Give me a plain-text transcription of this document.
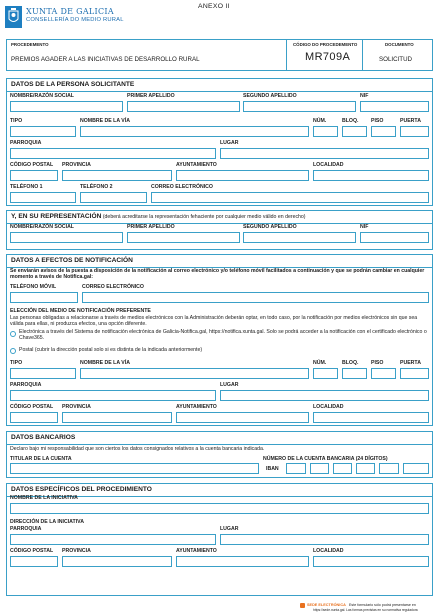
XUNTA DE GALICIA
CONSELLERÍA DO MEDIO RURAL
ANEXO II
PROCEDEMENTO
PREMIOS AGADER A LAS INICIATIVAS DE DESARROLLO RURAL
CÓDIGO DO PROCEDEMENTO
MR709A
DOCUMENTO
SOLICITUD
DATOS DE LA PERSONA SOLICITANTE
NOMBRE/RAZÓN SOCIAL	PRIMER APELLIDO	SEGUNDO APELLIDO	NIF
TIPO	NOMBRE DE LA VÍA	NÚM.	BLOQ. PISO	PUERTA
PARROQUIA	LUGAR
CÓDIGO POSTAL PROVINCIA	AYUNTAMIENTO	LOCALIDAD
TELÉFONO 1	TELÉFONO 2	CORREO ELECTRÓNICO
Y, EN SU REPRESENTACIÓN (deberá acreditarse la representación fehaciente por cualquier medio válido en derecho)
NOMBRE/RAZÓN SOCIAL	PRIMER APELLIDO	SEGUNDO APELLIDO	NIF
DATOS A EFECTOS DE NOTIFICACIÓN
Se enviarán avisos de la puesta a disposición de la notificación al correo electrónico y/o teléfono móvil facilitados a continuación y que se podrán cambiar en cualquier momento a través de Notifica.gal:
TELÉFONO MÓVIL	CORREO ELECTRÓNICO
ELECCIÓN DEL MEDIO DE NOTIFICACIÓN PREFERENTE
Las personas obligadas a relacionarse a través de medios electrónicos con la Administración deberán optar, en todo caso, por la notificación por medios electrónicos sin que sea válida para ellas, ni produzca efectos, una opción diferente.
Electrónica a través del Sistema de notificación electrónica de Galicia-Notifica.gal, https://notifica.xunta.gal. Solo se podrá acceder a la notificación con el certificado electrónico o Chave365.
Postal (cubrir la dirección postal solo si es distinta de la indicada anteriormente)
TIPO	NOMBRE DE LA VÍA	NÚM.	BLOQ. PISO	PUERTA
PARROQUIA	LUGAR
CÓDIGO POSTAL PROVINCIA	AYUNTAMIENTO	LOCALIDAD
DATOS BANCARIOS
Declaro bajo mi responsabilidad que son ciertos los datos consignados relativos a la cuenta bancaria indicada.
TITULAR DE LA CUENTA	NÚMERO DE LA CUENTA BANCARIA (24 DÍGITOS)
IBAN
DATOS ESPECÍFICOS DEL PROCEDIMIENTO
NOMBRE DE LA INICIATIVA
DIRECCIÓN DE LA INICIATIVA
PARROQUIA	LUGAR
CÓDIGO POSTAL PROVINCIA	AYUNTAMIENTO	LOCALIDAD
SEDE ELECTRÓNICA Este formulario sólo podrá presentarse en
https://sede.xunta.gal. Las formas previstas en su normativa reguladora
